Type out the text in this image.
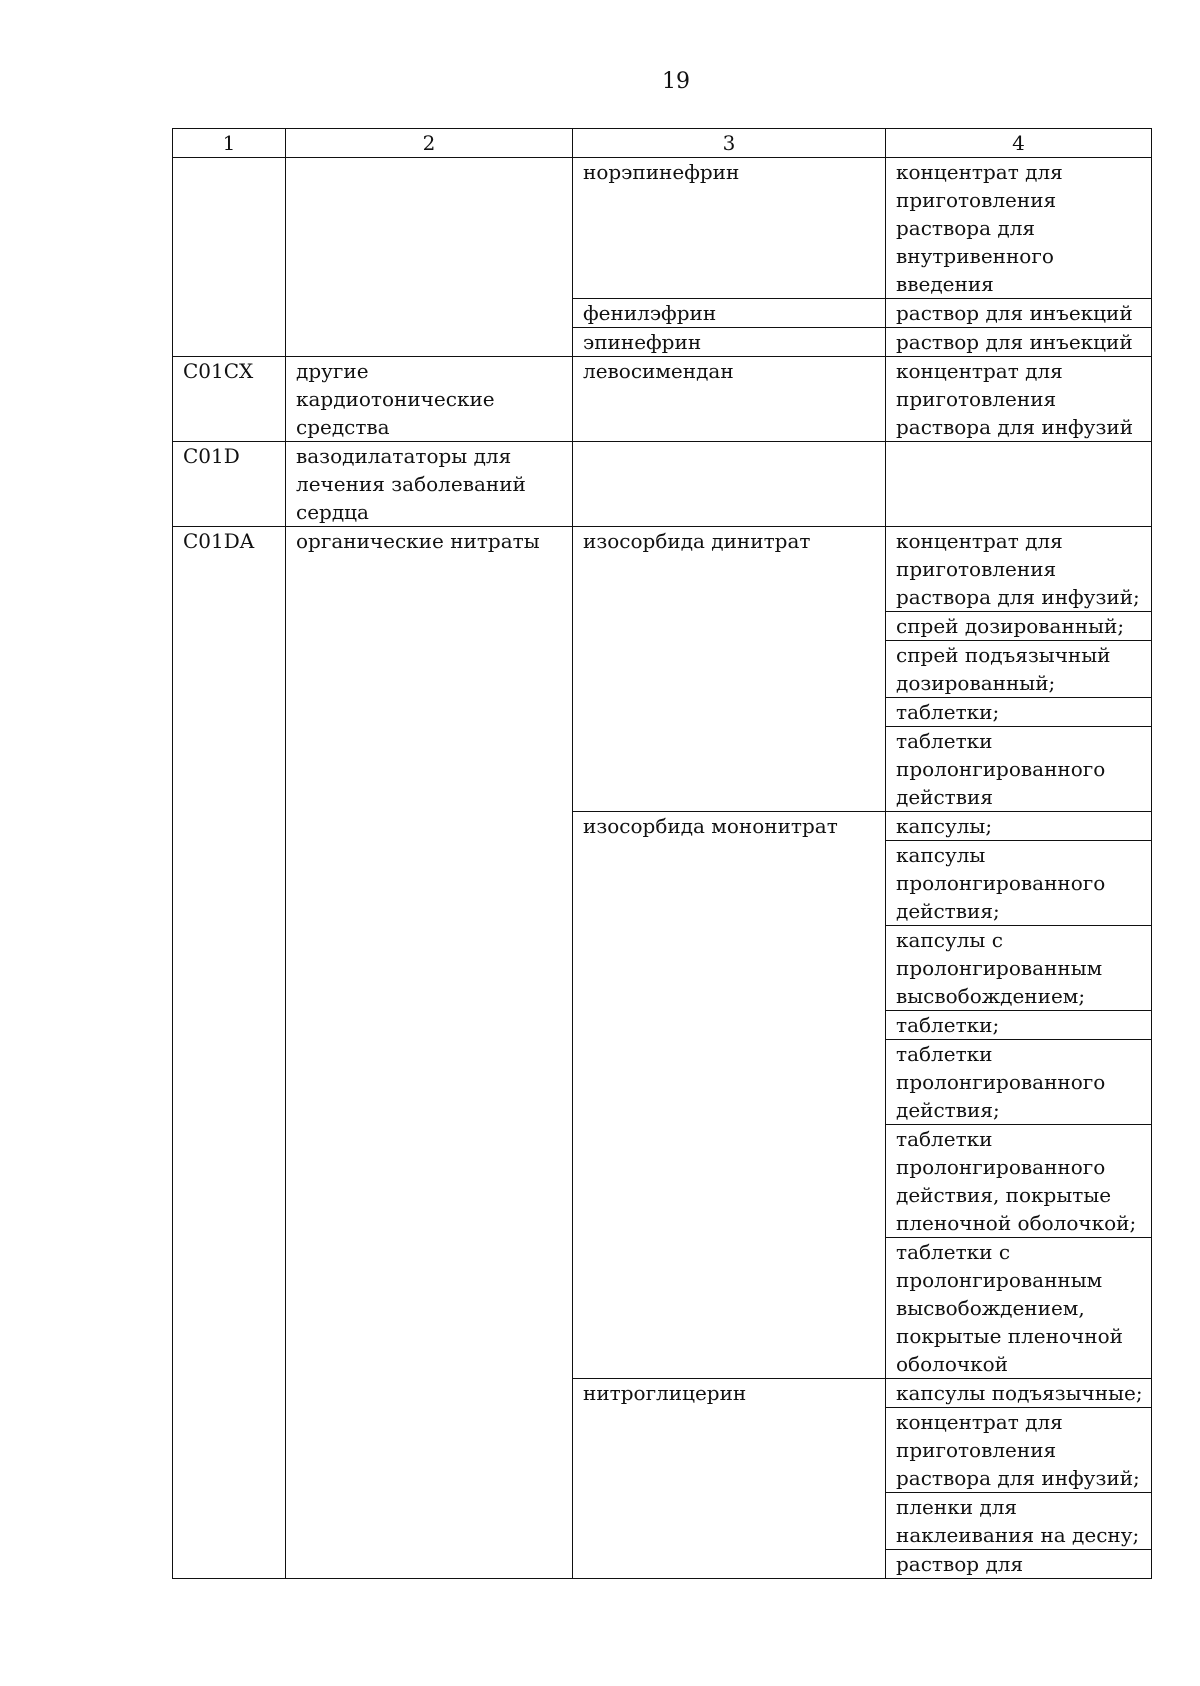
19
1	2	3	4
		норэпинефрин	концентрат для приготовления раствора для внутривенного введения
		фенилэфрин	раствор для инъекций
		эпинефрин	раствор для инъекций
C01CX	другие кардиотонические средства	левосимендан	концентрат для приготовления раствора для инфузий
C01D	вазодилататоры для лечения заболеваний сердца		
C01DA	органические нитраты	изосорбида динитрат	концентрат для приготовления раствора для инфузий;
			спрей дозированный;
			спрей подъязычный дозированный;
			таблетки;
			таблетки пролонгированного действия
		изосорбида мононитрат	капсулы;
			капсулы пролонгированного действия;
			капсулы с пролонгированным высвобождением;
			таблетки;
			таблетки пролонгированного действия;
			таблетки пролонгированного действия, покрытые пленочной оболочкой;
			таблетки с пролонгированным высвобождением, покрытые пленочной оболочкой
		нитроглицерин	капсулы подъязычные;
			концентрат для приготовления раствора для инфузий;
			пленки для наклеивания на десну;
			раствор для
